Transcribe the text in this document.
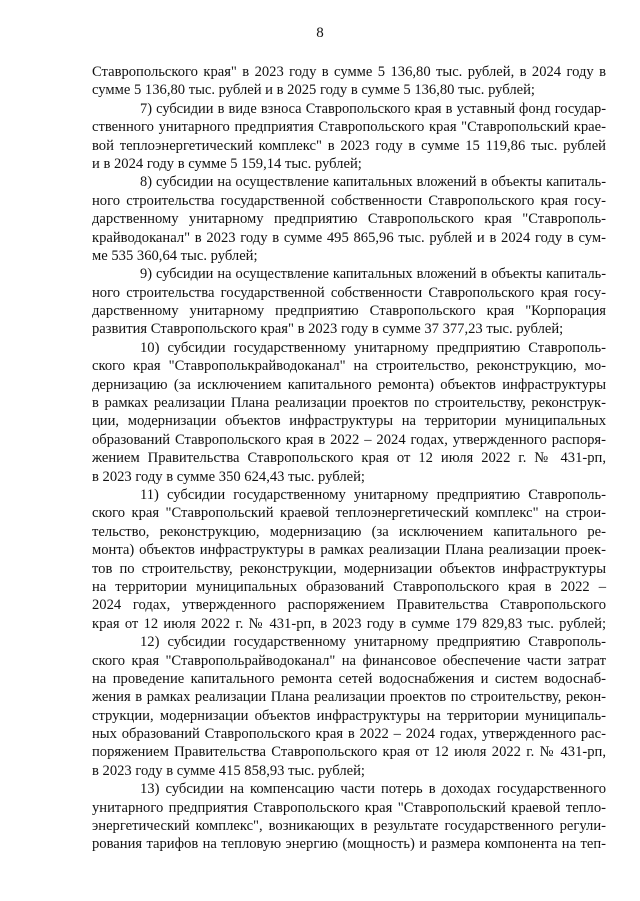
8
Ставропольского края" в 2023 году в сумме 5 136,80 тыс. рублей, в 2024 году в
сумме 5 136,80 тыс. рублей и в 2025 году в сумме 5 136,80 тыс. рублей;
7) субсидии в виде взноса Ставропольского края в уставный фонд государ-
ственного унитарного предприятия Ставропольского края "Ставропольский крае-
вой теплоэнергетический комплекс" в 2023 году в сумме 15 119,86 тыс. рублей
и в 2024 году в сумме 5 159,14 тыс. рублей;
8) субсидии на осуществление капитальных вложений в объекты капиталь-
ного строительства государственной собственности Ставропольского края госу-
дарственному унитарному предприятию Ставропольского края "Ставрополь-
крайводоканал" в 2023 году в сумме 495 865,96 тыс. рублей и в 2024 году в сум-
ме 535 360,64 тыс. рублей;
9) субсидии на осуществление капитальных вложений в объекты капиталь-
ного строительства государственной собственности Ставропольского края госу-
дарственному унитарному предприятию Ставропольского края "Корпорация
развития Ставропольского края" в 2023 году в сумме 37 377,23 тыс. рублей;
10) субсидии государственному унитарному предприятию Ставрополь-
ского края "Ставрополькрайводоканал" на строительство, реконструкцию, мо-
дернизацию (за исключением капитального ремонта) объектов инфраструктуры
в рамках реализации Плана реализации проектов по строительству, реконструк-
ции, модернизации объектов инфраструктуры на территории муниципальных
образований Ставропольского края в 2022 – 2024 годах, утвержденного распоря-
жением Правительства Ставропольского края от 12 июля 2022 г. № 431-рп,
в 2023 году в сумме 350 624,43 тыс. рублей;
11) субсидии государственному унитарному предприятию Ставрополь-
ского края "Ставропольский краевой теплоэнергетический комплекс" на строи-
тельство, реконструкцию, модернизацию (за исключением капитального ре-
монта) объектов инфраструктуры в рамках реализации Плана реализации проек-
тов по строительству, реконструкции, модернизации объектов инфраструктуры
на территории муниципальных образований Ставропольского края в 2022 –
2024 годах, утвержденного распоряжением Правительства Ставропольского
края от 12 июля 2022 г. № 431-рп, в 2023 году в сумме 179 829,83 тыс. рублей;
12) субсидии государственному унитарному предприятию Ставрополь-
ского края "Ставропольрайводоканал" на финансовое обеспечение части затрат
на проведение капитального ремонта сетей водоснабжения и систем водоснаб-
жения в рамках реализации Плана реализации проектов по строительству, рекон-
струкции, модернизации объектов инфраструктуры на территории муниципаль-
ных образований Ставропольского края в 2022 – 2024 годах, утвержденного рас-
поряжением Правительства Ставропольского края от 12 июля 2022 г. № 431-рп,
в 2023 году в сумме 415 858,93 тыс. рублей;
13) субсидии на компенсацию части потерь в доходах государственного
унитарного предприятия Ставропольского края "Ставропольский краевой тепло-
энергетический комплекс", возникающих в результате государственного регули-
рования тарифов на тепловую энергию (мощность) и размера компонента на теп-
